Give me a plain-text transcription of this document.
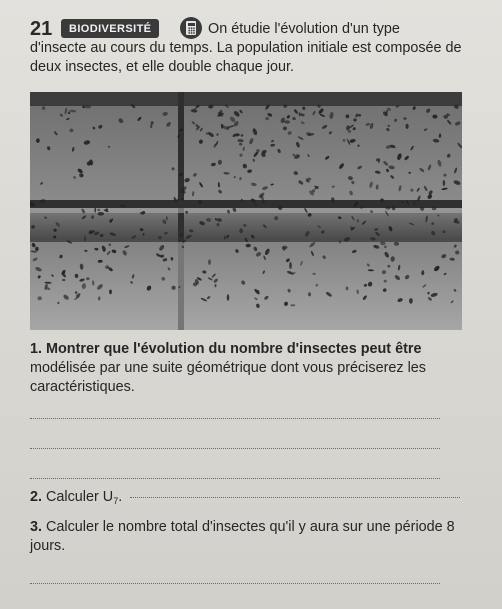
21	BIODIVERSITÉ	On étudie l'évolution d'un type
d'insecte au cours du temps. La population initiale est composée de deux insectes, et elle double chaque jour.
1. Montrer que l'évolution du nombre d'insectes peut être modélisée par une suite géométrique dont vous préciserez les caractéristiques.
2. Calculer $U_7$.
3. Calculer le nombre total d'insectes qu'il y aura sur une période 8 jours.
